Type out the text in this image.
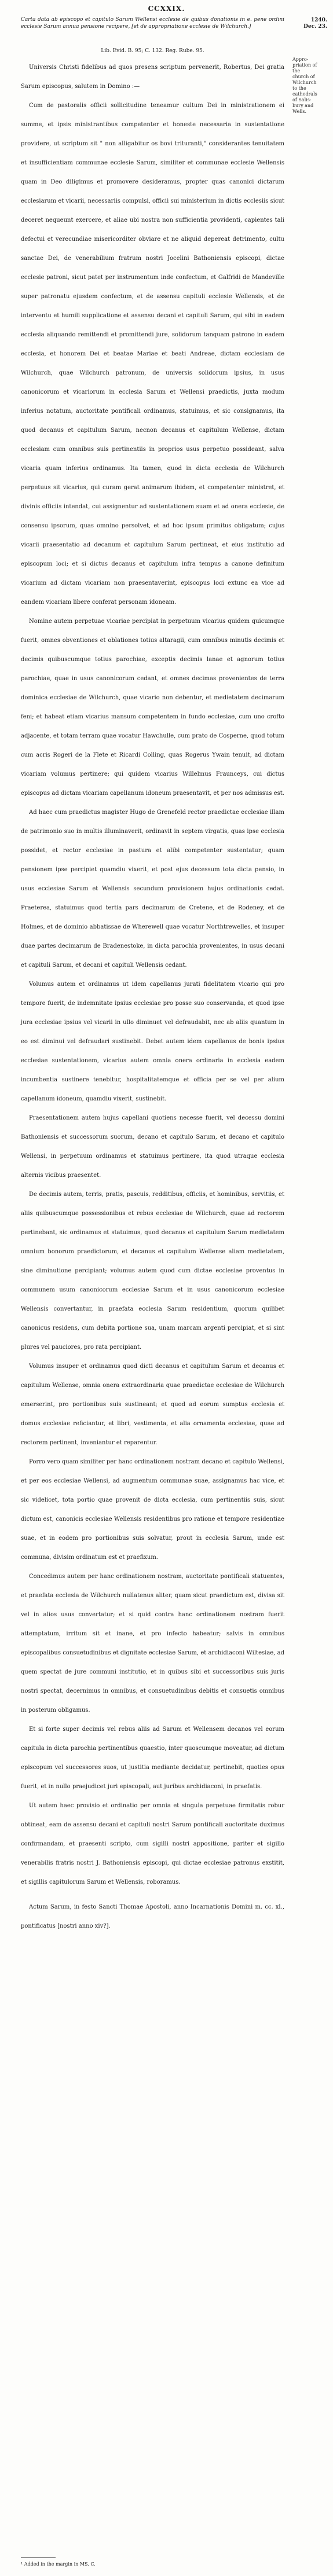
CCXXIX.
Carta data ab episcopo et capitulo Sarum Wellensi ecclesie de quibus donationis in e. pene ordini ecclesie Sarum annua pensione recipere, [et de appropriatione ecclesie de Wilchurch.]
Lib. Evid. B. 95; C. 132. Reg. Rube. 95.
1240.
Dec. 23.
Appro-
priation of
the
church of
Wilchurch
to the
cathedrals
of Salis-
bury and
Wells.

Universis Christi fidelibus ad quos presens scriptum pervenerit, Robertus, Dei gratia Sarum episcopus, salutem in Domino :—

Cum de pastoralis officii sollicitudine teneamur cultum Dei in ministrationem ei summe, et ipsis ministrantibus competenter et honeste necessaria in sustentatione providere, ut scriptum sit " non alligabitur os bovi trituranti," considerantes tenuitatem et insufficientiam communae ecclesie Sarum, similiter et communae ecclesie Wellensis quam in Deo diligimus et promovere desideramus, propter quas canonici dictarum ecclesiarum et vicarii, necessariis compulsi, officii sui ministerium in dictis ecclesiis sicut deceret nequeunt exercere, et aliae ubi nostra non sufficientia providenti, capientes tali defectui et verecundiae misericorditer obviare et ne aliquid depereat detrimento, cultu sanctae Dei, de venerabilium fratrum nostri Jocelini Bathoniensis episcopi, dictae ecclesie patroni, sicut patet per instrumentum inde confectum, et Galfridi de Mandeville super patronatu ejusdem confectum, et de assensu capituli ecclesie Wellensis, et de interventu et humili supplicatione et assensu decani et capituli Sarum, qui sibi in eadem ecclesia aliquando remittendi et promittendi jure, solidorum tanquam patrono in eadem ecclesia, et honorem Dei et beatae Mariae et beati Andreae, dictam ecclesiam de Wilchurch, quae Wilchurch patronum, de universis solidorum ipsius, in usus canonicorum et vicariorum in ecclesia Sarum et Wellensi praedictis, juxta modum inferius notatum, auctoritate pontificali ordinamus, statuimus, et sic consignamus, ita quod decanus et capitulum Sarum, necnon decanus et capitulum Wellense, dictam ecclesiam cum omnibus suis pertinentiis in proprios usus perpetuo possideant, salva vicaria quam inferius ordinamus. Ita tamen, quod in dicta ecclesia de Wilchurch perpetuus sit vicarius, qui curam gerat animarum ibidem, et competenter ministret, et divinis officiis intendat, cui assignentur ad sustentationem suam et ad onera ecclesie, de consensu ipsorum, quas omnino persolvet, et ad hoc ipsum primitus obligatum; cujus vicarii praesentatio ad decanum et capitulum Sarum pertineat, et eius institutio ad episcopum loci; et si dictus decanus et capitulum infra tempus a canone definitum vicarium ad dictam vicariam non praesentaverint, episcopus loci extunc ea vice ad eandem vicariam libere conferat personam idoneam.

Nomine autem perpetuae vicariae percipiat in perpetuum vicarius quidem quicumque fuerit, omnes obventiones et oblationes totius altaragii, cum omnibus minutis decimis et decimis quibuscumque totius parochiae, exceptis decimis lanae et agnorum totius parochiae, quae in usus canonicorum cedant, et omnes decimas provenientes de terra dominica ecclesiae de Wilchurch, quae vicario non debentur, et medietatem decimarum feni; et habeat etiam vicarius mansum competentem in fundo ecclesiae, cum uno crofto adjacente, et totam terram quae vocatur Hawchulle, cum prato de Cosperne, quod totum cum acris Rogeri de la Flete et Ricardi Colling, quas Rogerus Ywain tenuit, ad dictam vicariam volumus pertinere; qui quidem vicarius Willelmus Fraunceys, cui dictus episcopus ad dictam vicariam capellanum idoneum praesentavit, et per nos admissus est.

Ad haec cum praedictus magister Hugo de Grenefeld rector praedictae ecclesiae illam de patrimonio suo in multis illuminaverit, ordinavit in septem virgatis, quas ipse ecclesia possidet, et rector ecclesiae in pastura et alibi competenter sustentatur; quam pensionem ipse percipiet quamdiu vixerit, et post ejus decessum tota dicta pensio, in usus ecclesiae Sarum et Wellensis secundum provisionem hujus ordinationis cedat. Praeterea, statuimus quod tertia pars decimarum de Cretene, et de Rodeney, et de Holmes, et de dominio abbatissae de Wherewell quae vocatur Northtrewelles, et insuper duae partes decimarum de Bradenestoke, in dicta parochia provenientes, in usus decani et capituli Sarum, et decani et capituli Wellensis cedant.

Volumus autem et ordinamus ut idem capellanus jurati fidelitatem vicario qui pro tempore fuerit, de indemnitate ipsius ecclesiae pro posse suo conservanda, et quod ipse jura ecclesiae ipsius vel vicarii in ullo diminuet vel defraudabit, nec ab aliis quantum in eo est diminui vel defraudari sustinebit. Debet autem idem capellanus de bonis ipsius ecclesiae sustentationem, vicarius autem omnia onera ordinaria in ecclesia eadem incumbentia sustinere tenebitur, hospitalitatemque et officia per se vel per alium capellanum idoneum, quamdiu vixerit, sustinebit.

Praesentationem autem hujus capellani quotiens necesse fuerit, vel decessu domini Bathoniensis et successorum suorum, decano et capitulo Sarum, et decano et capitulo Wellensi, in perpetuum ordinamus et statuimus pertinere, ita quod utraque ecclesia alternis vicibus praesentet.

De decimis autem, terris, pratis, pascuis, redditibus, officiis, et hominibus, servitiis, et aliis quibuscumque possessionibus et rebus ecclesiae de Wilchurch, quae ad rectorem pertinebant, sic ordinamus et statuimus, quod decanus et capitulum Sarum medietatem omnium bonorum praedictorum, et decanus et capitulum Wellense aliam medietatem, sine diminutione percipiant; volumus autem quod cum dictae ecclesiae proventus in communem usum canonicorum ecclesiae Sarum et in usus canonicorum ecclesiae Wellensis convertantur, in praefata ecclesia Sarum residentium, quorum quilibet canonicus residens, cum debita portione sua, unam marcam argenti percipiat, et si sint plures vel pauciores, pro rata percipiant.

Volumus insuper et ordinamus quod dicti decanus et capitulum Sarum et decanus et capitulum Wellense, omnia onera extraordinaria quae praedictae ecclesiae de Wilchurch emerserint, pro portionibus suis sustineant; et quod ad eorum sumptus ecclesia et domus ecclesiae reficiantur, et libri, vestimenta, et alia ornamenta ecclesiae, quae ad rectorem pertinent, inveniantur et reparentur.

Porro vero quam similiter per hanc ordinationem nostram decano et capitulo Wellensi, et per eos ecclesiae Wellensi, ad augmentum communae suae, assignamus hac vice, et sic videlicet, tota portio quae provenit de dicta ecclesia, cum pertinentiis suis, sicut dictum est, canonicis ecclesiae Wellensis residentibus pro ratione et tempore residentiae suae, et in eodem pro portionibus suis solvatur, prout in ecclesia Sarum, unde est communa, divisim ordinatum est et praefixum.

Concedimus autem per hanc ordinationem nostram, auctoritate pontificali statuentes, et praefata ecclesia de Wilchurch nullatenus aliter, quam sicut praedictum est, divisa sit vel in alios usus convertatur; et si quid contra hanc ordinationem nostram fuerit attemptatum, irritum sit et inane, et pro infecto habeatur; salvis in omnibus episcopalibus consuetudinibus et dignitate ecclesiae Sarum, et archidiaconi Wiltesiae, ad quem spectat de jure communi institutio, et in quibus sibi et successoribus suis juris nostri spectat, decernimus in omnibus, et consuetudinibus debitis et consuetis omnibus in posterum obligamus.

Et si forte super decimis vel rebus aliis ad Sarum et Wellensem decanos vel eorum capitula in dicta parochia pertinentibus quaestio, inter quoscumque moveatur, ad dictum episcopum vel successores suos, ut justitia mediante decidatur, pertinebit, quoties opus fuerit, et in nullo praejudicet juri episcopali, aut juribus archidiaconi, in praefatis.

Ut autem haec provisio et ordinatio per omnia et singula perpetuae firmitatis robur obtineat, eam de assensu decani et capituli nostri Sarum pontificali auctoritate duximus confirmandam, et praesenti scripto, cum sigilli nostri appositione, pariter et sigillo venerabilis fratris nostri J. Bathoniensis episcopi, qui dictae ecclesiae patronus exstitit, et sigillis capitulorum Sarum et Wellensis, roboramus.

Actum Sarum, in festo Sancti Thomae Apostoli, anno Incarnationis Domini m. cc. xl., pontificatus [nostri anno xiv?].

¹ Added in the margin in MS. C.
